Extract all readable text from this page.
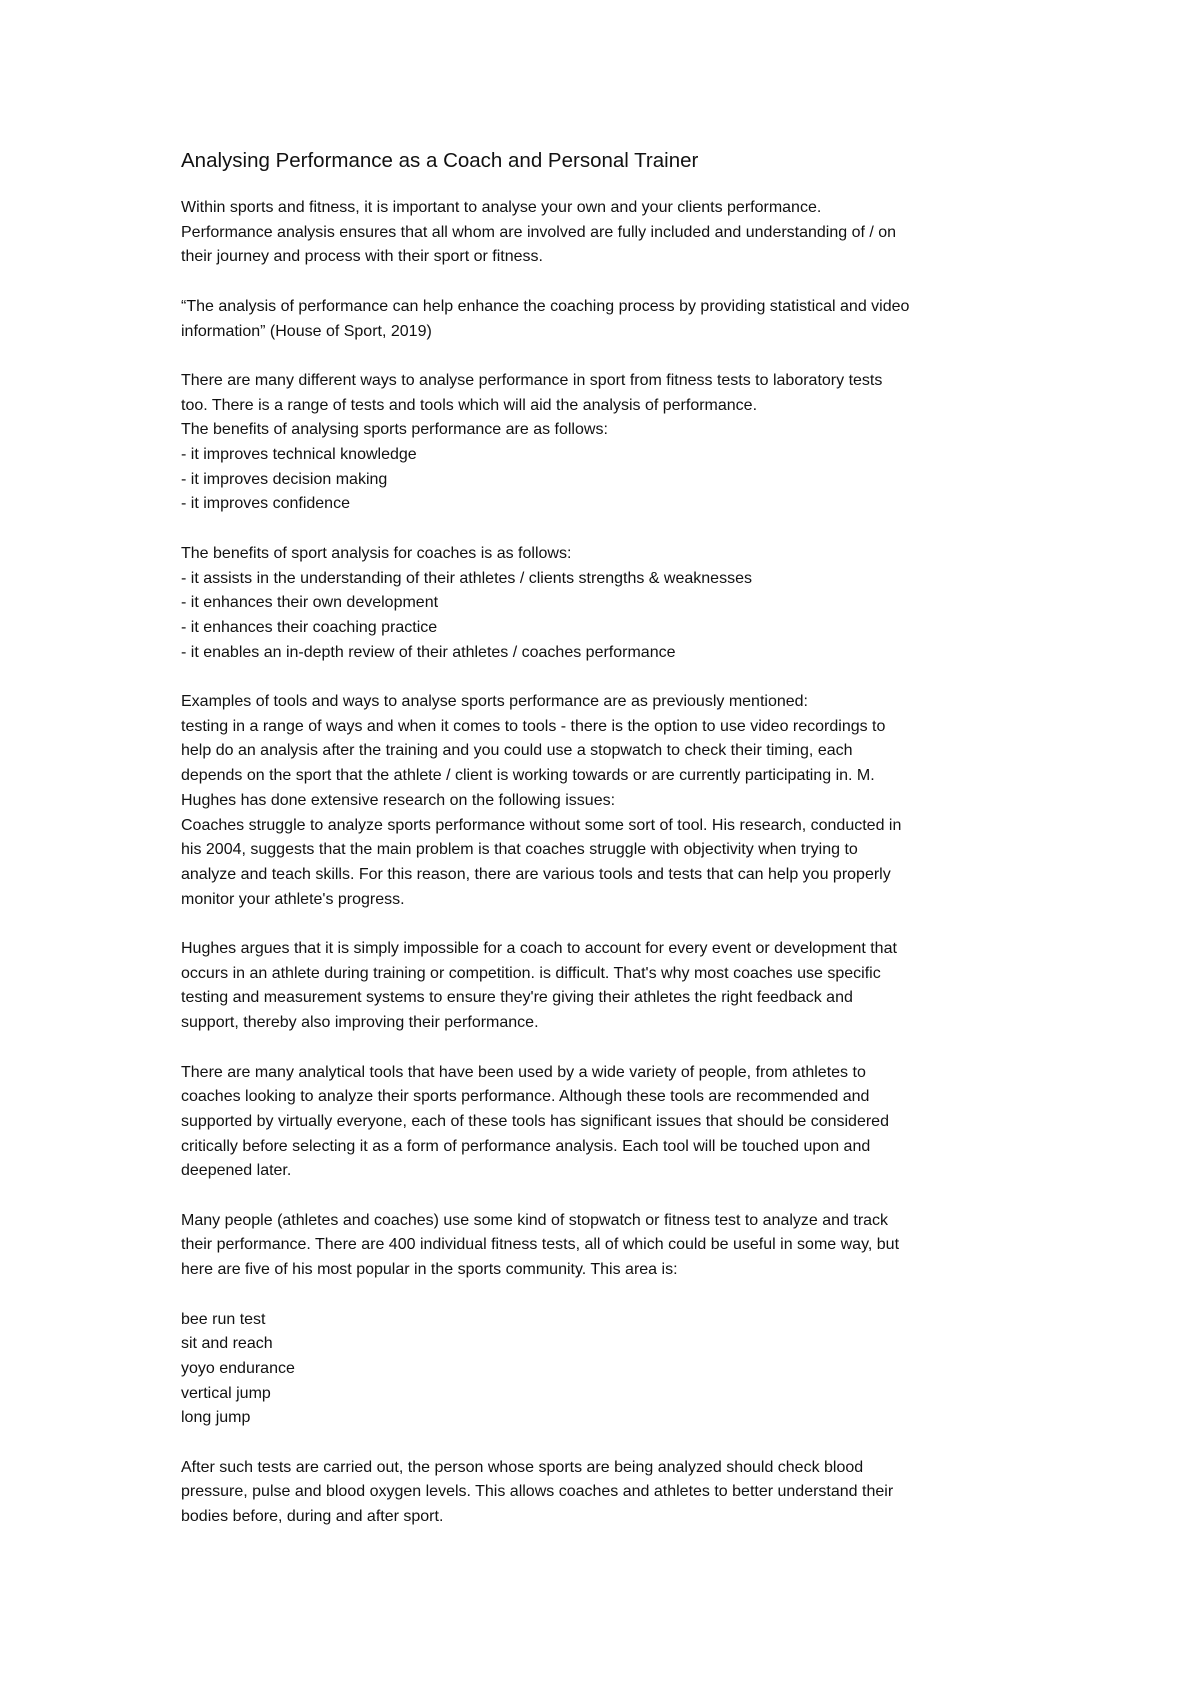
Analysing Performance as a Coach and Personal Trainer
Within sports and fitness, it is important to analyse your own and your clients performance.
Performance analysis ensures that all whom are involved are fully included and understanding of / on
their journey and process with their sport or fitness.
“The analysis of performance can help enhance the coaching process by providing statistical and video
information” (House of Sport, 2019)
There are many different ways to analyse performance in sport from fitness tests to laboratory tests
too. There is a range of tests and tools which will aid the analysis of performance.
The benefits of analysing sports performance are as follows:
- it improves technical knowledge
- it improves decision making
- it improves confidence
The benefits of sport analysis for coaches is as follows:
- it assists in the understanding of their athletes / clients strengths & weaknesses
- it enhances their own development
- it enhances their coaching practice
- it enables an in-depth review of their athletes / coaches performance
Examples of tools and ways to analyse sports performance are as previously mentioned:
testing in a range of ways and when it comes to tools - there is the option to use video recordings to
help do an analysis after the training and you could use a stopwatch to check their timing, each
depends on the sport that the athlete / client is working towards or are currently participating in. M.
Hughes has done extensive research on the following issues:
Coaches struggle to analyze sports performance without some sort of tool. His research, conducted in
his 2004, suggests that the main problem is that coaches struggle with objectivity when trying to
analyze and teach skills. For this reason, there are various tools and tests that can help you properly
monitor your athlete's progress.
Hughes argues that it is simply impossible for a coach to account for every event or development that
occurs in an athlete during training or competition. is difficult. That's why most coaches use specific
testing and measurement systems to ensure they're giving their athletes the right feedback and
support, thereby also improving their performance.
There are many analytical tools that have been used by a wide variety of people, from athletes to
coaches looking to analyze their sports performance. Although these tools are recommended and
supported by virtually everyone, each of these tools has significant issues that should be considered
critically before selecting it as a form of performance analysis. Each tool will be touched upon and
deepened later.
Many people (athletes and coaches) use some kind of stopwatch or fitness test to analyze and track
their performance. There are 400 individual fitness tests, all of which could be useful in some way, but
here are five of his most popular in the sports community. This area is:
bee run test
sit and reach
yoyo endurance
vertical jump
long jump
After such tests are carried out, the person whose sports are being analyzed should check blood
pressure, pulse and blood oxygen levels. This allows coaches and athletes to better understand their
bodies before, during and after sport.
